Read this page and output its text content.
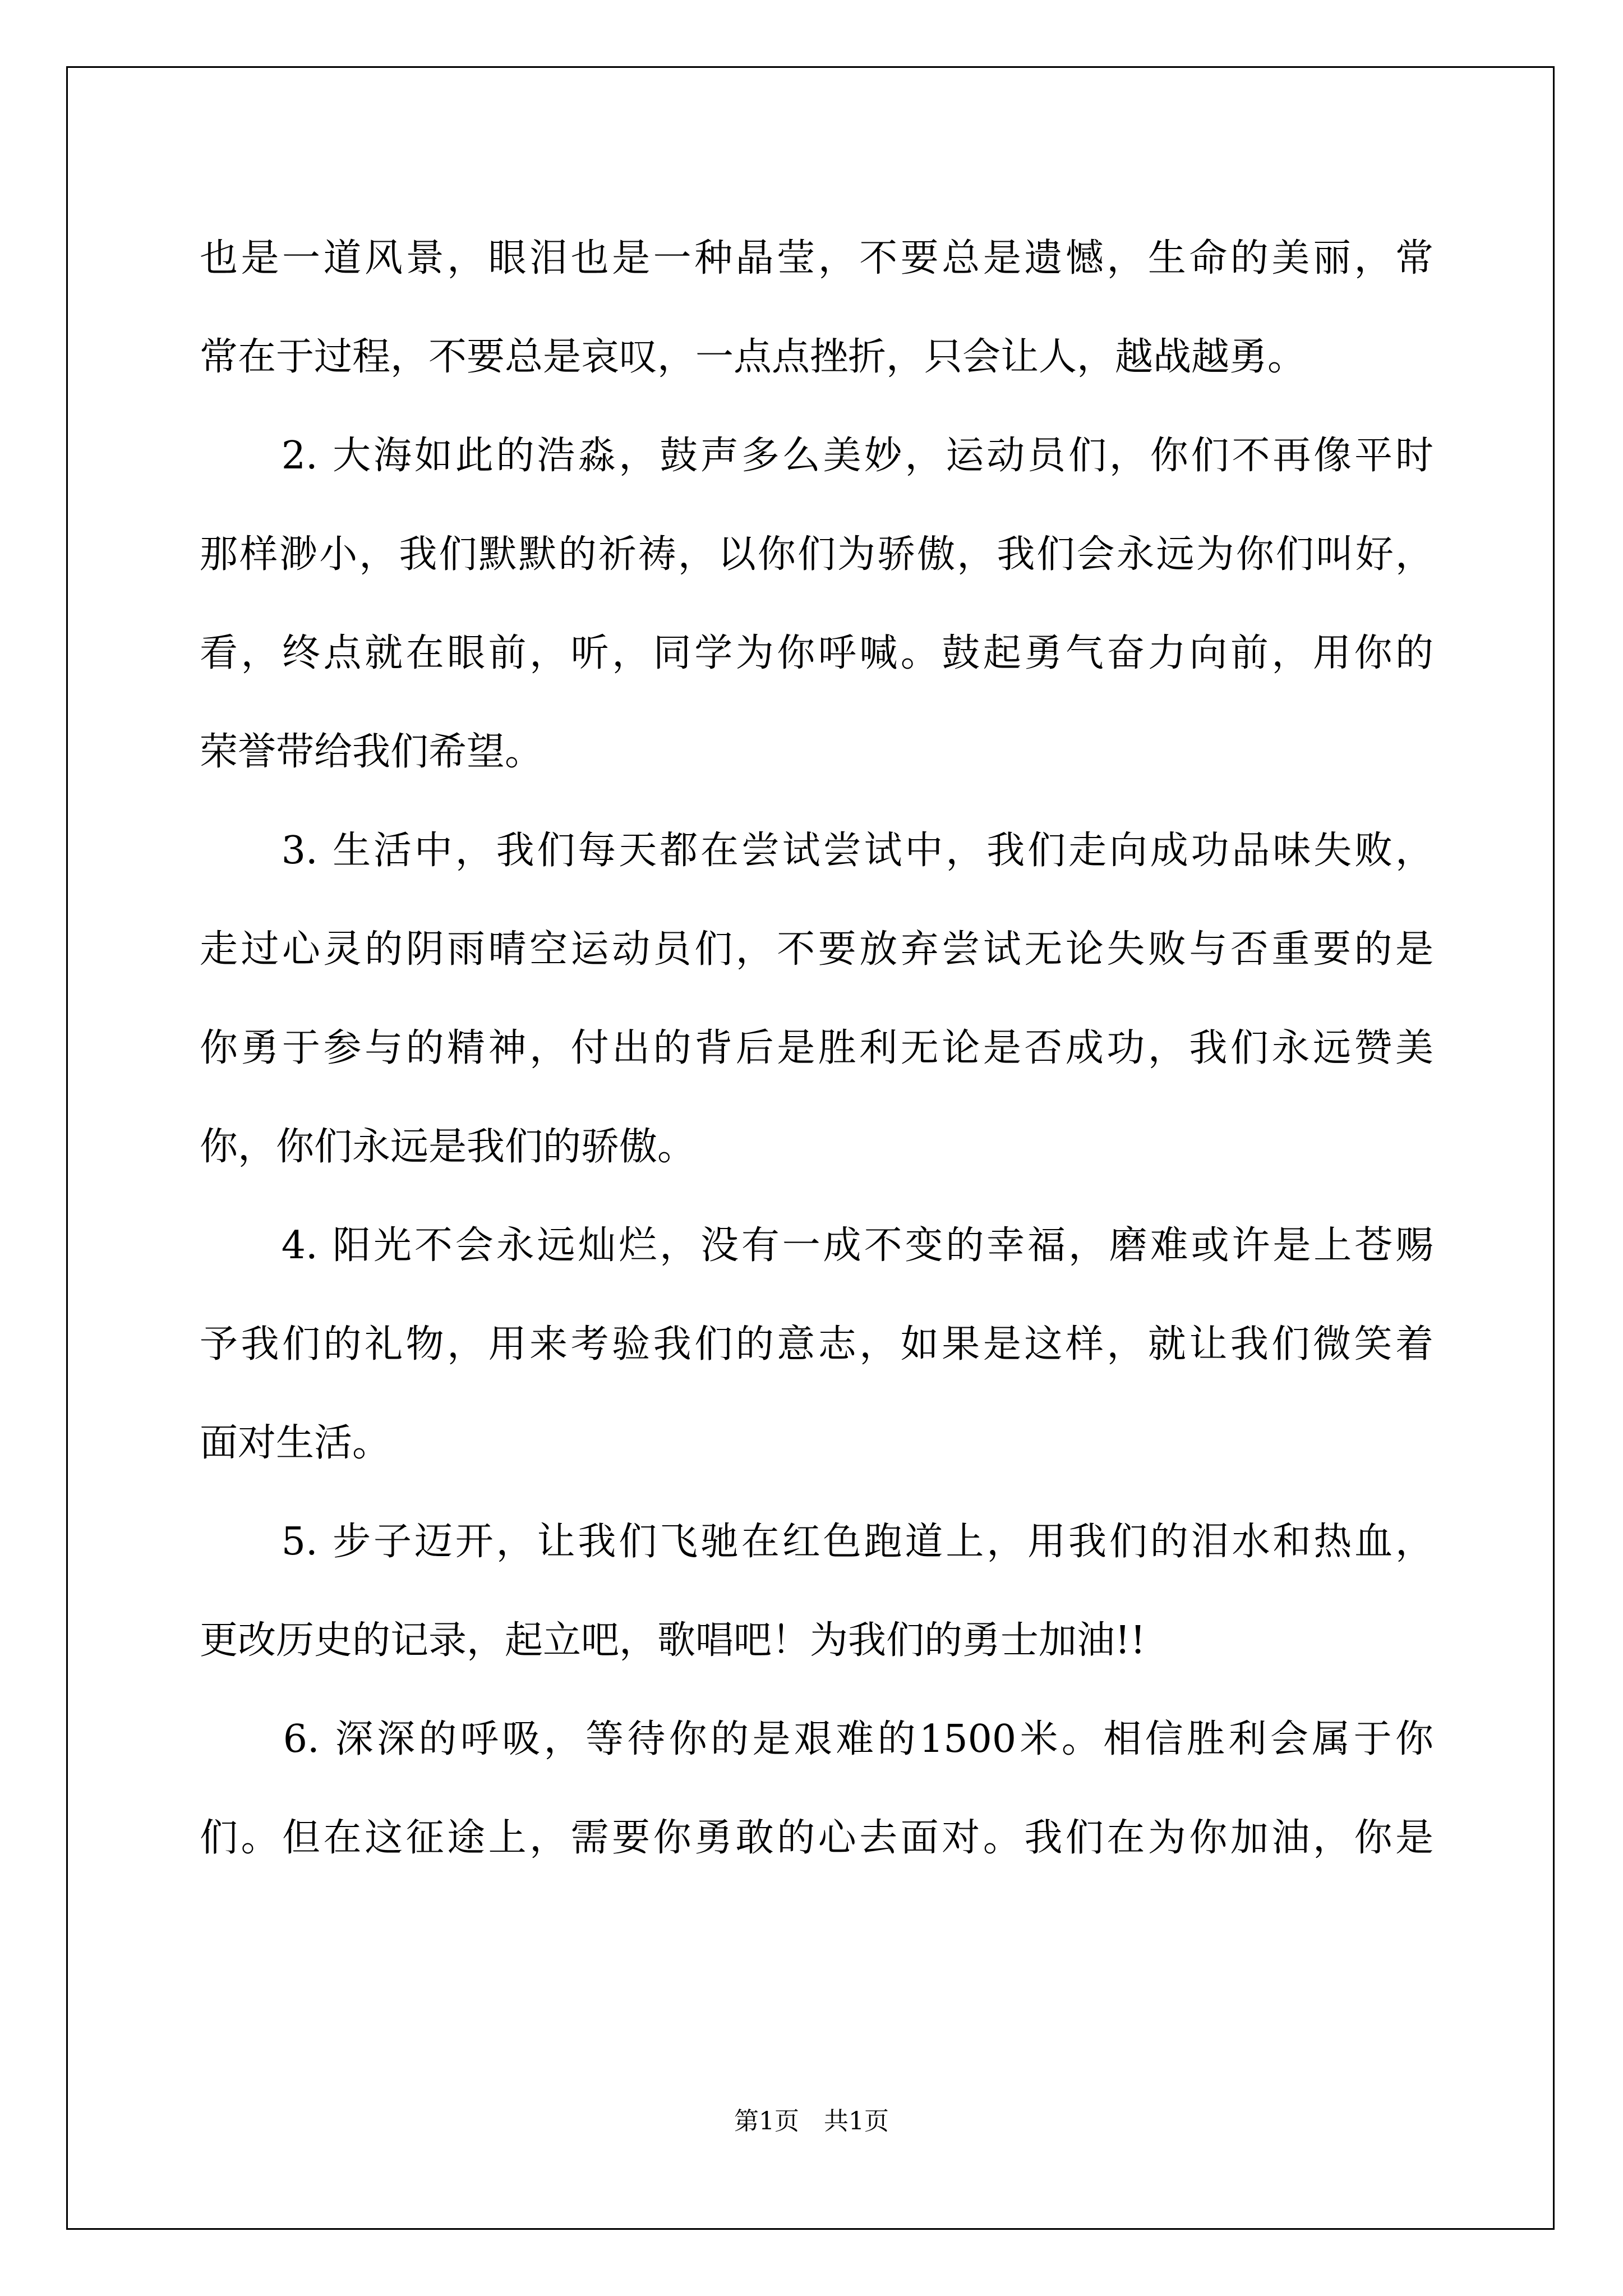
也是一道风景，眼泪也是一种晶莹，不要总是遗憾，生命的美丽，常
常在于过程，不要总是哀叹，一点点挫折，只会让人，越战越勇。
　　2. 大海如此的浩淼，鼓声多么美妙，运动员们，你们不再像平时
那样渺小，我们默默的祈祷，以你们为骄傲，我们会永远为你们叫好，
看，终点就在眼前，听，同学为你呼喊。鼓起勇气奋力向前，用你的
荣誉带给我们希望。
　　3. 生活中，我们每天都在尝试尝试中，我们走向成功品味失败，
走过心灵的阴雨晴空运动员们，不要放弃尝试无论失败与否重要的是
你勇于参与的精神，付出的背后是胜利无论是否成功，我们永远赞美
你，你们永远是我们的骄傲。
　　4. 阳光不会永远灿烂，没有一成不变的幸福，磨难或许是上苍赐
予我们的礼物，用来考验我们的意志，如果是这样，就让我们微笑着
面对生活。
　　5. 步子迈开，让我们飞驰在红色跑道上，用我们的泪水和热血，
更改历史的记录，起立吧，歌唱吧！为我们的勇士加油!!
　　6. 深深的呼吸，等待你的是艰难的1500米。相信胜利会属于你
们。但在这征途上，需要你勇敢的心去面对。我们在为你加油，你是
第1页　共1页
